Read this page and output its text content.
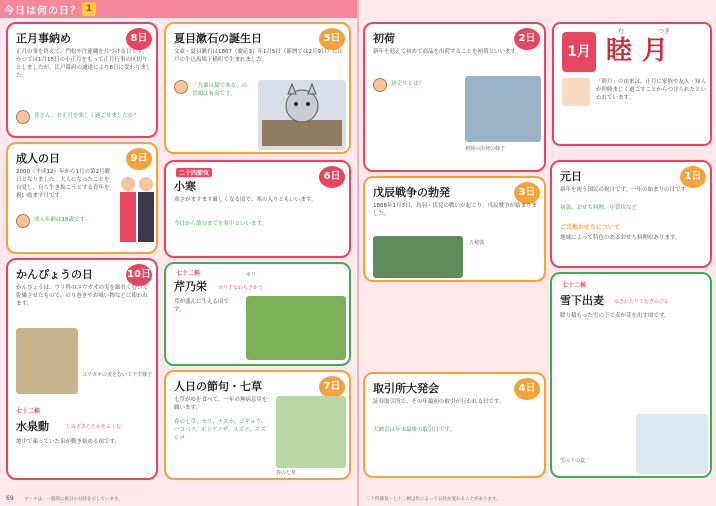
今日は何の日？ 1
正月事納め	8日
正月の事を終えて、門松や注連縄を片づける日です。かつては1月15日の小正月をもって正月行事の区切りとしましたが、江戸幕府の通達により8日に変わりました。
皆さん、お正月を楽しく過ごせましたか？
夏目漱石の誕生日	5日
文豪・夏目漱石は1867（慶応3）年1月5日（新暦では2月9日）に江戸の牛込馬場下横町で生まれました。
「吾輩は猫である」の冒頭は有名です。
成人の日	9日
2000（平成12）年から1月の第2月曜日となりました。大人になったことを自覚し、自ら生き抜こうとする青年を祝い励ます日です。
成人年齢は18歳です。
二十四節気
小寒
6日
寒さがますます厳しくなる頃で、寒の入りともいいます。
今日から節分までを寒中といいます。
かんぴょうの日	10日
かんぴょうは、ウリ科のユウガオの実を細長くむいて乾燥させたもので、のり巻きやお吸い物などに使われます。
ユウガオの実をむいて干す様子
七十二候
水泉動	しみずあたたかをふくむ
地中で凍っていた泉が動き始める頃です。
七十二候
芹乃栄 せりすなわちさかう
芹が盛んに生える頃です。
セリ
人日の節句・七草	7日
七草がゆを食べて、一年の無病息災を願います。
春の七草：セリ、ナズナ、ゴギョウ、ハコベラ、ホトケノザ、スズナ、スズシロ
春の七草
初荷	2日
新年を迎えて初めて商品を出荷することを初荷といいます。
初売りとは？
初荷の出発の様子
戊辰戦争の勃発	3日
1868年1月3日、鳥羽・伏見の戦いが起こり、戊辰戦争が始まりました。
五稜郭
取引所大発会	4日
証券取引所で、その年最初の取引が行われる日です。
大納会は年末最後の取引日です。
元日	1日
新年を祝う国民の祝日です。一年の始まりの日です。
初詣、おせち料理、年賀状など
ご当地おせちについて
地域によって特色のあるおせち料理があります。
七十二候
雪下出麦 ゆきわたりてむぎのびる
降り積もった雪の下で麦が芽を出す頃です。
雪の下の麦
1月
む	つき
睦月
「睦月」の由来は、正月に家族や友人・知人が仲睦まじく過ごすことからつけられたといわれています。
69 マークは、一般的に祝日の日付を示しています。	二十四節気・七十二候は年によって日付が変わることがあります。
